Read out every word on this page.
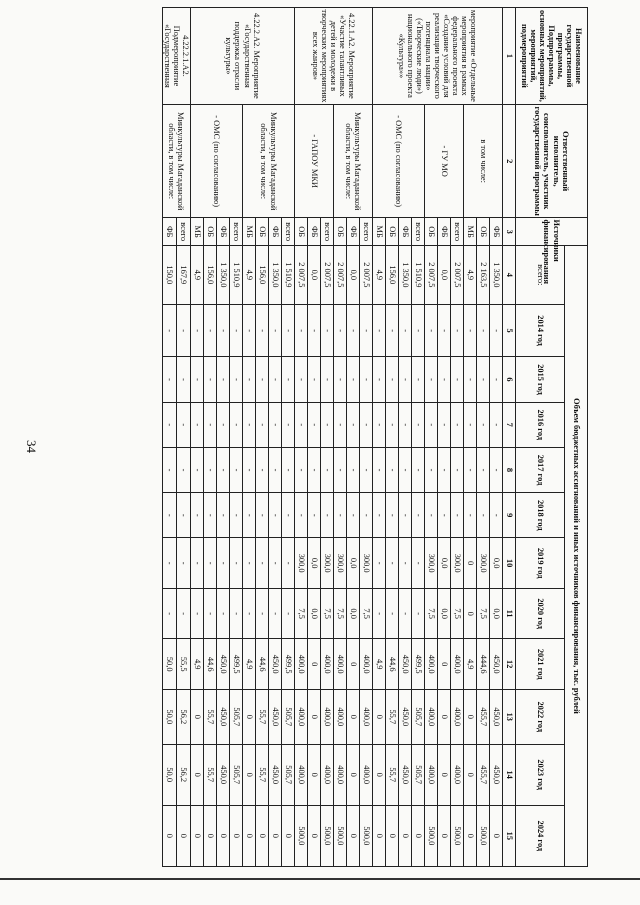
34
Наименование государственной программы, Подпрограммы, основных мероприятий, мероприятий, подмероприятий	Ответственный исполнитель, соисполнитель, участник государственной программы	Источники финансирования	Объем бюджетных ассигнований и иных источников финансирования, тыс. рублей											
			всего:	2014 год	2015 год	2016 год	2017 год	2018 год	2019 год	2020 год	2021 год	2022 год	2023 год	2024 год
1	2	3	4	5	6	7	8	9	10	11	12	13	14	15
мероприятие «Отдельные мероприятия в рамках федерального проекта «Создание условий для реализации творческого потенциала нации» («Творческие люди») национального проекта «Культура»»	в том числе:	ФБ	1 350,0	-	-	-	-	-	0,0	0,0	450,0	450,0	450,0	0
		ОБ	2 163,5	-	-	-	-	-	300,0	7,5	444,6	455,7	455,7	500,0
		МБ	4,9	-	-	-	-	-	0	0	4,9	0	0	0
	- ГУ МО	всего	2 007,5	-	-	-	-	-	300,0	7,5	400,0	400,0	400,0	500,0
		ФБ	0,0	-	-	-	-	-	0,0	0,0	0	0	0	0
		ОБ	2 007,5	-	-	-	-	-	300,0	7,5	400,0	400,0	400,0	500,0
	- ОМС (по согласованию)	всего	1 510,9	-	-	-	-	-	-	-	499,5	505,7	505,7	0
		ФБ	1 350,0	-	-	-	-	-	-	-	450,0	450,0	450,0	0
		ОБ	156,0	-	-	-	-	-	-	-	44,6	55,7	55,7	0
		МБ	4,9	-	-	-	-	-	-	-	4,9	0	0	0
4.22.1.А2. Мероприятие «Участие талантливых детей и молодежи в творческих мероприятиях всех жанров»	Минкультуры Магаданской области, в том числе:	всего	2 007,5	-	-	-	-	-	300,0	7,5	400,0	400,0	400,0	500,0
		ФБ	0,0	-	-	-	-	-	0,0	0,0	0	0	0	0
		ОБ	2 007,5	-	-	-	-	-	300,0	7,5	400,0	400,0	400,0	500,0
	- ГАПОУ МКИ	всего	2 007,5	-	-	-	-	-	300,0	7,5	400,0	400,0	400,0	500,0
		ФБ	0,0	-	-	-	-	-	0,0	0,0	0	0	0	0
		ОБ	2 007,5	-	-	-	-	-	300,0	7,5	400,0	400,0	400,0	500,0
4.22.2.А2. Мероприятие «Государственная поддержка отрасли культуры»	Минкультуры Магаданской области, в том числе:	всего	1 510,9	-	-	-	-	-	-	-	499,5	505,7	505,7	0
		ФБ	1 350,0	-	-	-	-	-	-	-	450,0	450,0	450,0	0
		ОБ	156,0	-	-	-	-	-	-	-	44,6	55,7	55,7	0
		МБ	4,9	-	-	-	-	-	-	-	4,9	0	0	0
	- ОМС (по согласованию)	всего	1 510,9	-	-	-	-	-	-	-	499,5	505,7	505,7	0
		ФБ	1 350,0	-	-	-	-	-	-	-	450,0	450,0	450,0	0
		ОБ	156,0	-	-	-	-	-	-	-	44,6	55,7	55,7	0
		МБ	4,9	-	-	-	-	-	-	-	4,9	0	0	0
4.22.2.1.А2. Подмероприятие «Государственная	Минкультуры Магаданской области, в том числе:	всего	167,9	-	-	-	-	-	-	-	55,5	56,2	56,2	0
		ФБ	150,0	-	-	-	-	-	-	-	50,0	50,0	50,0	0
